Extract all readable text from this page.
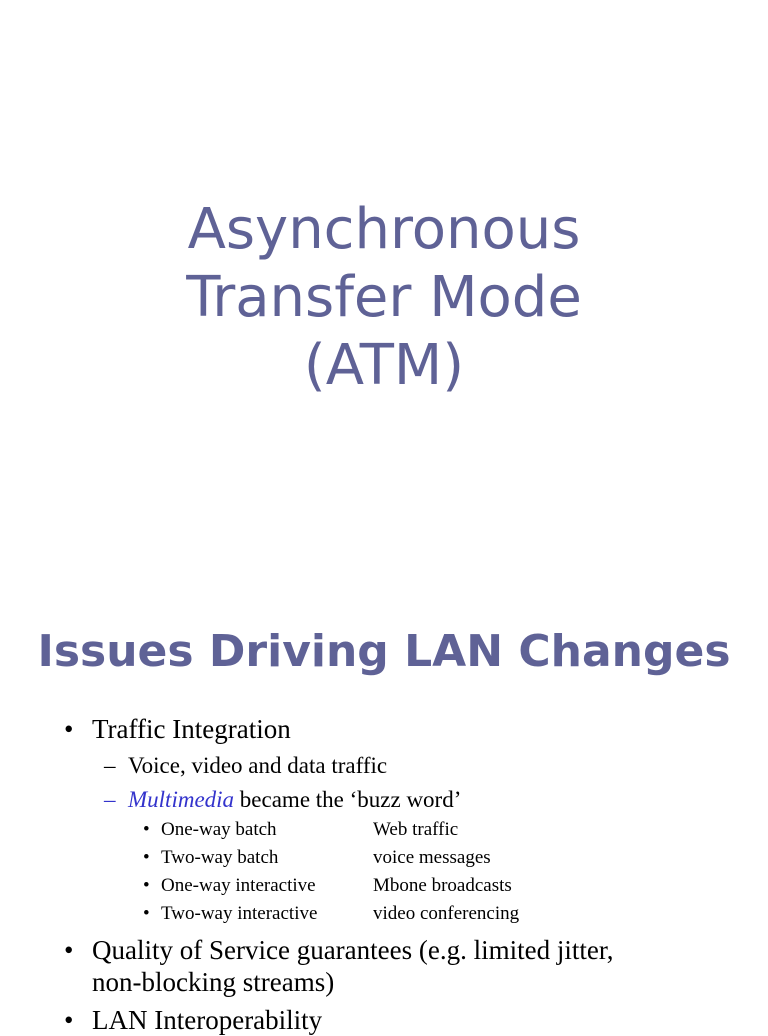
Asynchronous
Transfer Mode
(ATM)
Issues Driving LAN Changes
• Traffic Integration
– Voice, video and data traffic
– Multimedia became the ‘buzz word’
• One-way batch	Web traffic
• Two-way batch	voice messages
• One-way interactive	Mbone broadcasts
• Two-way interactive	video conferencing
• Quality of Service guarantees (e.g. limited jitter,
non-blocking streams)
• LAN Interoperability
